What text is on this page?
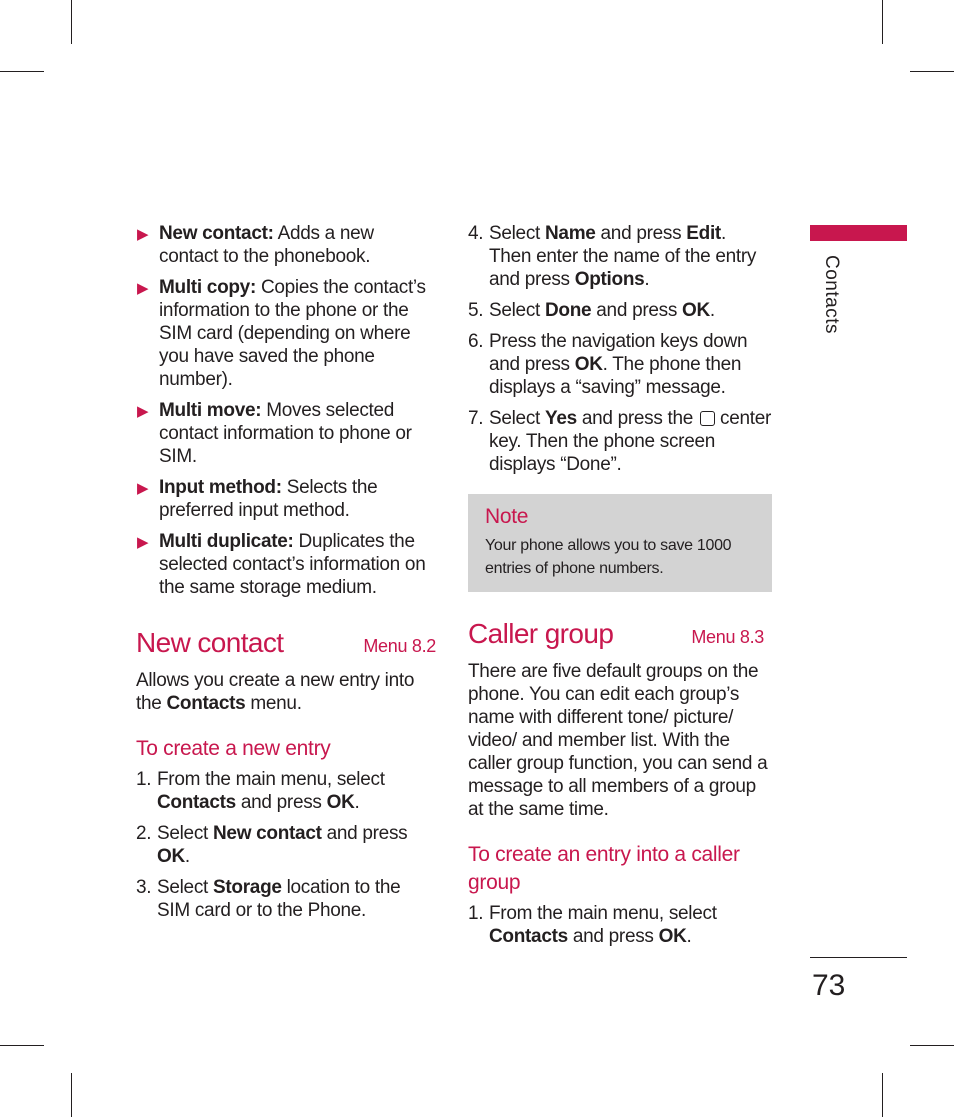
▶ New contact: Adds a new contact to the phonebook.
▶ Multi copy: Copies the contact’s information to the phone or the SIM card (depending on where you have saved the phone number).
▶ Multi move: Moves selected contact information to phone or SIM.
▶ Input method: Selects the preferred input method.
▶ Multi duplicate: Duplicates the selected contact’s information on the same storage medium.
New contact	Menu 8.2
Allows you create a new entry into the Contacts menu.
To create a new entry
1. From the main menu, select Contacts and press OK.
2. Select New contact and press OK.
3. Select Storage location to the SIM card or to the Phone.
4. Select Name and press Edit. Then enter the name of the entry and press Options.
5. Select Done and press OK.
6. Press the navigation keys down and press OK. The phone then displays a “saving” message.
7. Select Yes and press the  center key. Then the phone screen displays “Done”.
Note
Your phone allows you to save 1000 entries of phone numbers.
Caller group	Menu 8.3
There are five default groups on the phone. You can edit each group’s name with different tone/ picture/ video/ and member list. With the caller group function, you can send a message to all members of a group at the same time.
To create an entry into a caller group
1. From the main menu, select Contacts and press OK.
Contacts
73
